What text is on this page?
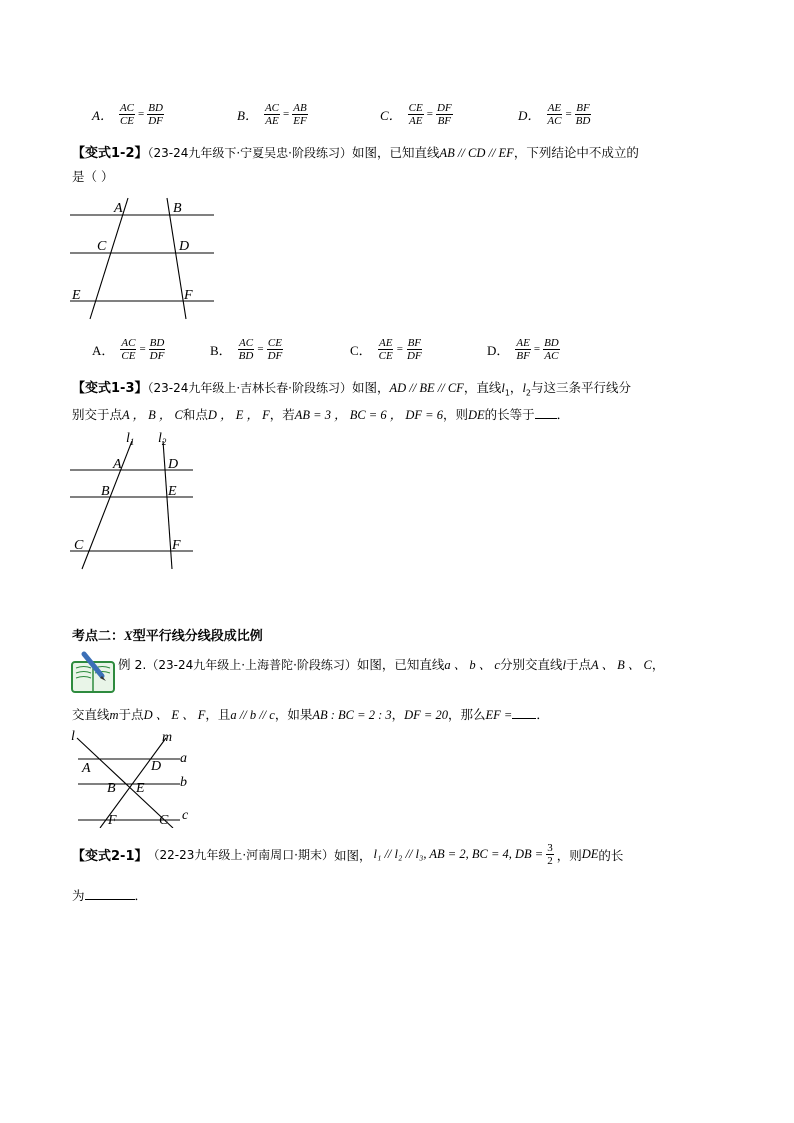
A． $\frac{AC}{CE} = \frac{BD}{DF}$	B． $\frac{AC}{AE} = \frac{AB}{EF}$	C． $\frac{CE}{AE} = \frac{DF}{BF}$	D． $\frac{AE}{AC} = \frac{BF}{BD}$
【变式1-2】（23-24九年级下·宁夏吴忠·阶段练习）如图，已知直线AB // CD // EF，下列结论中不成立的
是（ ）
A	B
C	D
E	F
A． $\frac{AC}{CE} = \frac{BD}{DF}$	B． $\frac{AC}{BD} = \frac{CE}{DF}$	C． $\frac{AE}{CE} = \frac{BF}{DF}$	D． $\frac{AE}{BF} = \frac{BD}{AC}$
【变式1-3】（23-24九年级上·吉林长春·阶段练习）如图，AD // BE // CF，直线$l_1$，$l_2$与这三条平行线分
别交于点A ， B ， C和点D ， E ， F，若AB = 3 ， BC = 6 ， DF = 6，则DE的长等于 ．
$l_1$ $l_2$
A	D
B	E
C	F
考点二：X型平行线分线段成比例
例 2.（23-24九年级上·上海普陀·阶段练习）如图，已知直线a 、 b 、 c分别交直线l于点A 、 B 、 C，
交直线m于点D 、 E 、 F，且a // b // c，如果AB : BC = 2 : 3，DF = 20，那么EF = ．
l	m
a
b
c
A	D
B E
F	C
【变式2-1】 （22-23九年级上·河南周口·期末） 如图， l₁ // l₂ // l₃, AB = 2, BC = 4, DB = $\frac{3}{2}$ ，则 DE 的长
为	．
